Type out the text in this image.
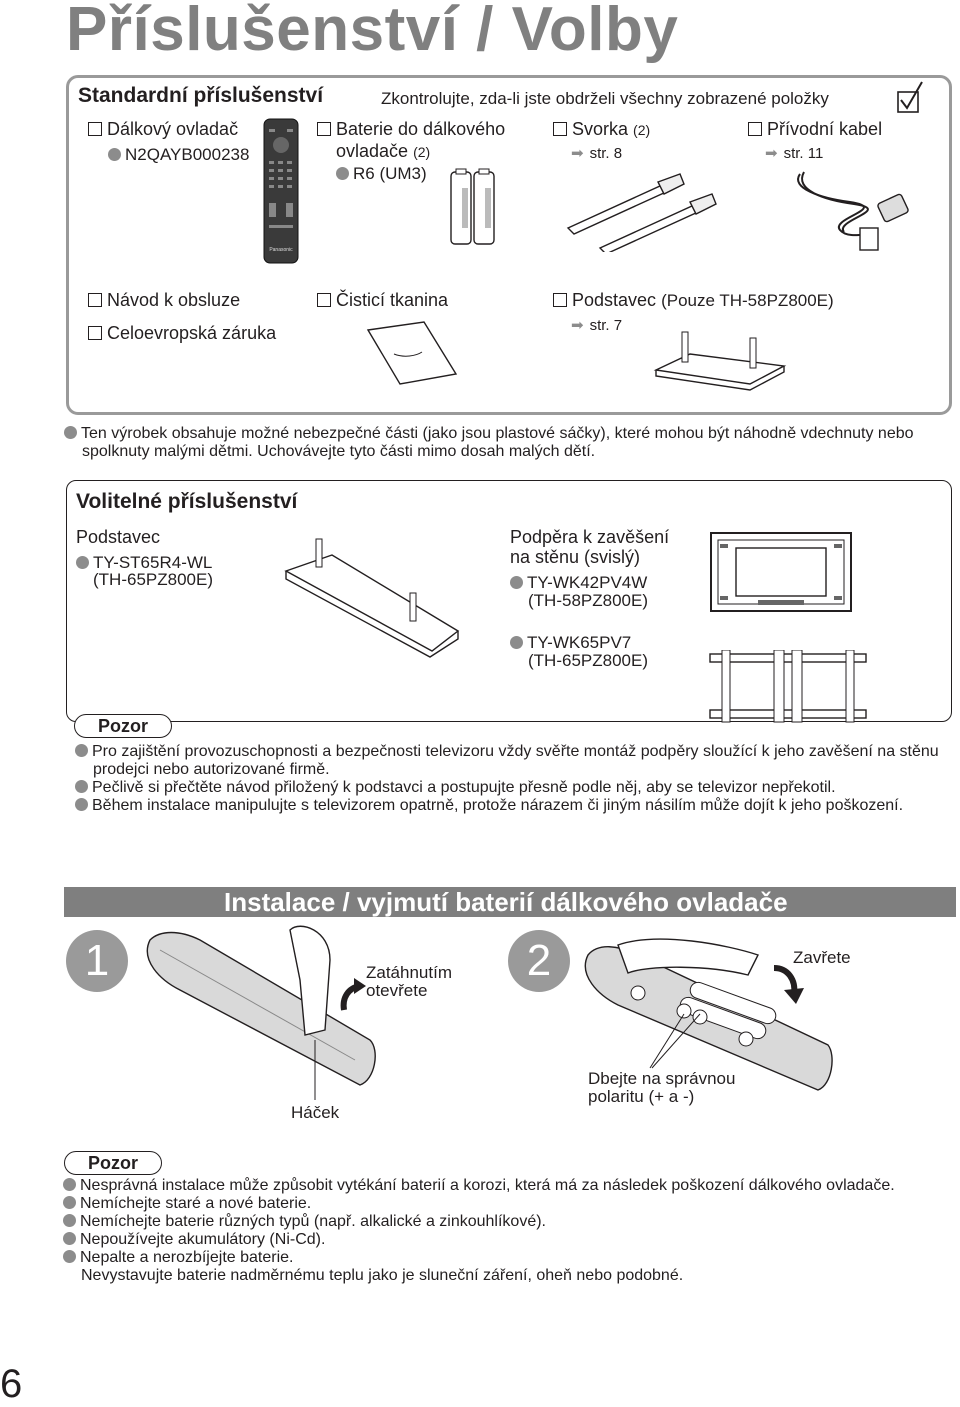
Příslušenství / Volby
Standardní příslušenství	Zkontrolujte, zda-li jste obdrželi všechny zobrazené položky
Dálkový ovladač
N2QAYB000238
Panasonic
Baterie do dálkového
ovladače (2)
R6 (UM3)
Svorka (2)
➡ str. 8
Přívodní kabel
➡ str. 11
Návod k obsluze
Celoevropská záruka
Čisticí tkanina	Podstavec (Pouze TH-58PZ800E)
➡ str. 7
Ten výrobek obsahuje možné nebezpečné části (jako jsou plastové sáčky), které mohou být náhodně vdechnuty nebo spolknuty malými dětmi. Uchovávejte tyto části mimo dosah malých dětí.
Volitelné příslušenství
Podstavec
TY-ST65R4-WL
(TH-65PZ800E)
Podpěra k zavěšení
na stěnu (svislý)
TY-WK42PV4W
(TH-58PZ800E)
TY-WK65PV7
(TH-65PZ800E)
Pozor
Pro zajištění provozuschopnosti a bezpečnosti televizoru vždy svěřte montáž podpěry sloužící k jeho zavěšení na stěnu prodejci nebo autorizované firmě.
Pečlivě si přečtěte návod přiložený k podstavci a postupujte přesně podle něj, aby se televizor nepřekotil.
Během instalace manipulujte s televizorem opatrně, protože nárazem či jiným násilím může dojít k jeho poškození.
Instalace / vyjmutí baterií dálkového ovladače
1	Zatáhnutím
otevřete
Háček
2	Zavřete
Dbejte na správnou
polaritu (+ a -)
Pozor
Nesprávná instalace může způsobit vytékání baterií a korozi, která má za následek poškození dálkového ovladače.
Nemíchejte staré a nové baterie.
Nemíchejte baterie různých typů (např. alkalické a zinkouhlíkové).
Nepoužívejte akumulátory (Ni-Cd).
Nepalte a nerozbíjejte baterie.
Nevystavujte baterie nadměrnému teplu jako je sluneční záření, oheň nebo podobné.
6
